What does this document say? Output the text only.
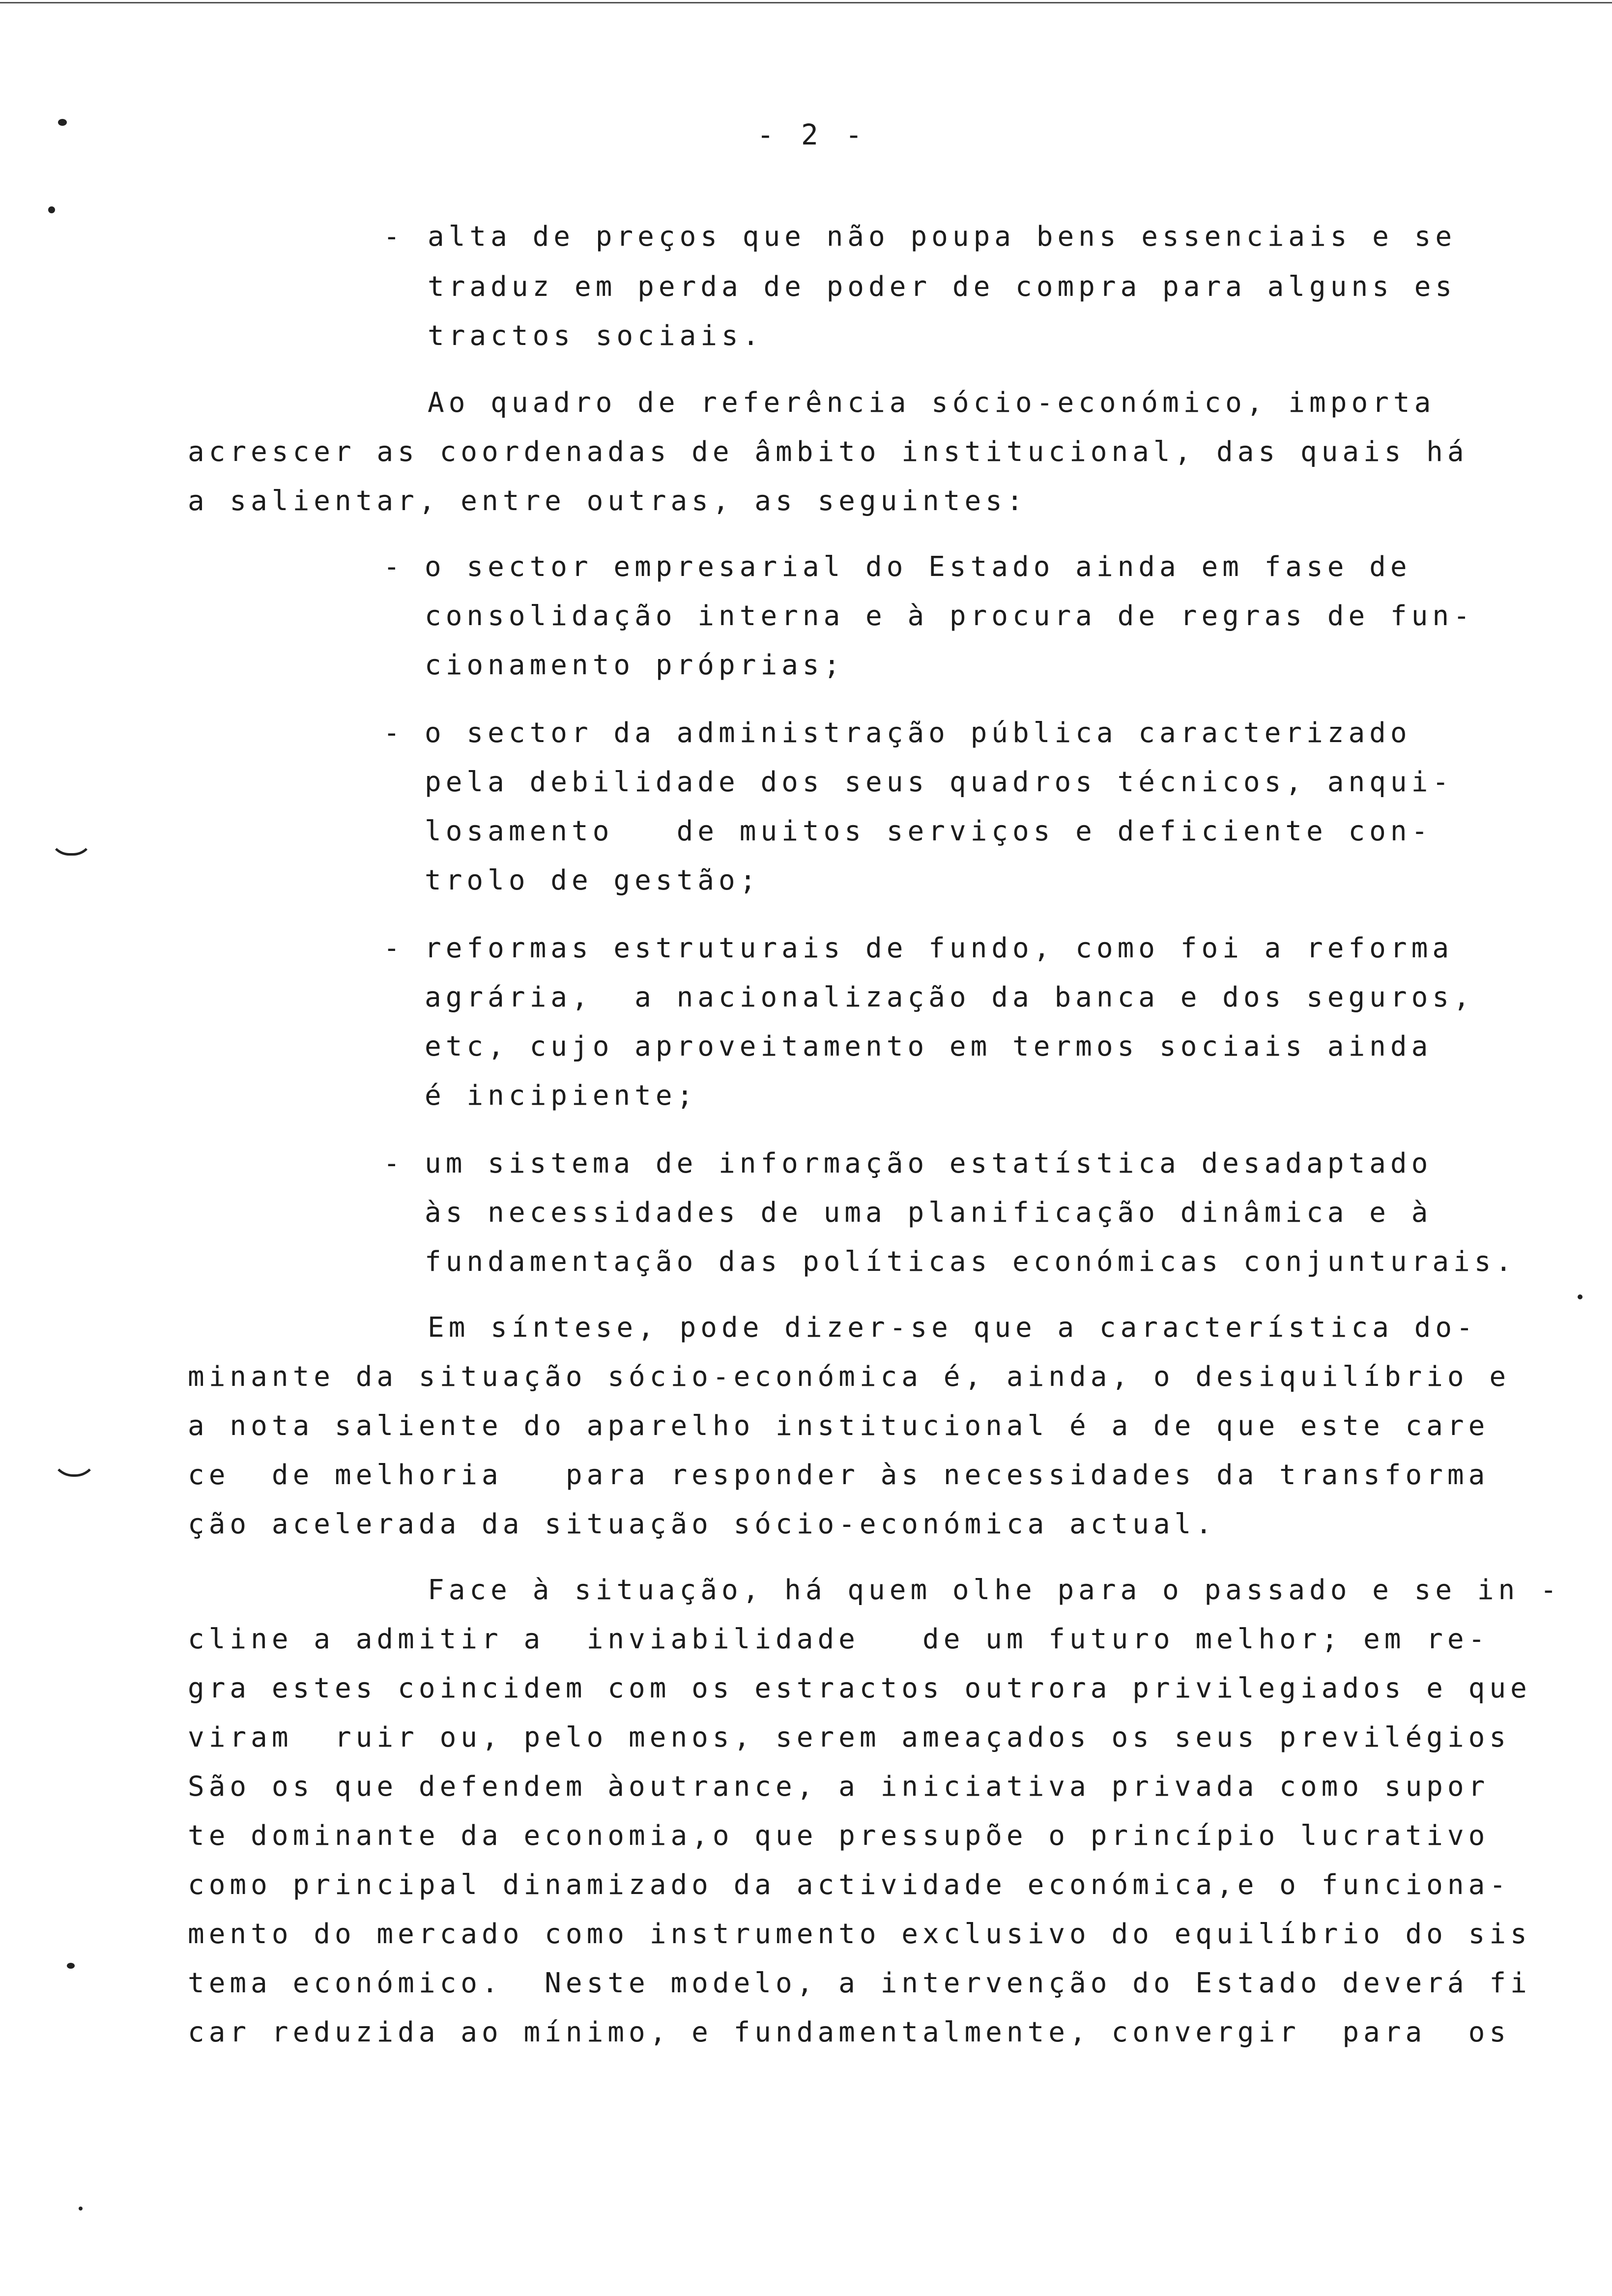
- 2 -
- alta de preços que não poupa bens essenciais e se
traduz em perda de poder de compra para alguns es
tractos sociais.
Ao quadro de referência sócio-económico, importa
acrescer as coordenadas de âmbito institucional, das quais há
a salientar, entre outras, as seguintes:
- o sector empresarial do Estado ainda em fase de
consolidação interna e à procura de regras de fun-
cionamento próprias;
- o sector da administração pública caracterizado
pela debilidade dos seus quadros técnicos, anqui-
losamento   de muitos serviços e deficiente con-
trolo de gestão;
- reformas estruturais de fundo, como foi a reforma
agrária,  a nacionalização da banca e dos seguros,
etc, cujo aproveitamento em termos sociais ainda
é incipiente;
- um sistema de informação estatística desadaptado
às necessidades de uma planificação dinâmica e à
fundamentação das políticas económicas conjunturais.
Em síntese, pode dizer-se que a característica do-
minante da situação sócio-económica é, ainda, o desiquilíbrio e
a nota saliente do aparelho institucional é a de que este care
ce  de melhoria   para responder às necessidades da transforma
ção acelerada da situação sócio-económica actual.
Face à situação, há quem olhe para o passado e se in -
cline a admitir a  inviabilidade   de um futuro melhor; em re-
gra estes coincidem com os estractos outrora privilegiados e que
viram  ruir ou, pelo menos, serem ameaçados os seus previlégios
São os que defendem àoutrance, a iniciativa privada como supor
te dominante da economia,o que pressupõe o princípio lucrativo
como principal dinamizado da actividade económica,e o funciona-
mento do mercado como instrumento exclusivo do equilíbrio do sis
tema económico.  Neste modelo, a intervenção do Estado deverá fi
car reduzida ao mínimo, e fundamentalmente, convergir  para  os
